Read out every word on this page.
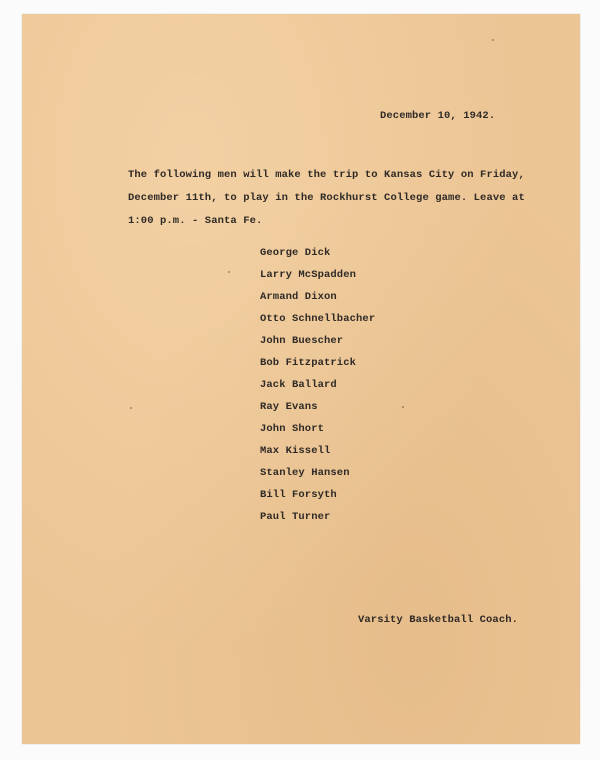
December 10, 1942.
The following men will make the trip to Kansas City on Friday, December 11th, to play in the Rockhurst College game. Leave at 1:00 p.m. - Santa Fe.
George Dick
Larry McSpadden
Armand Dixon
Otto Schnellbacher
John Buescher
Bob Fitzpatrick
Jack Ballard
Ray Evans
John Short
Max Kissell
Stanley Hansen
Bill Forsyth
Paul Turner
Varsity Basketball Coach.
